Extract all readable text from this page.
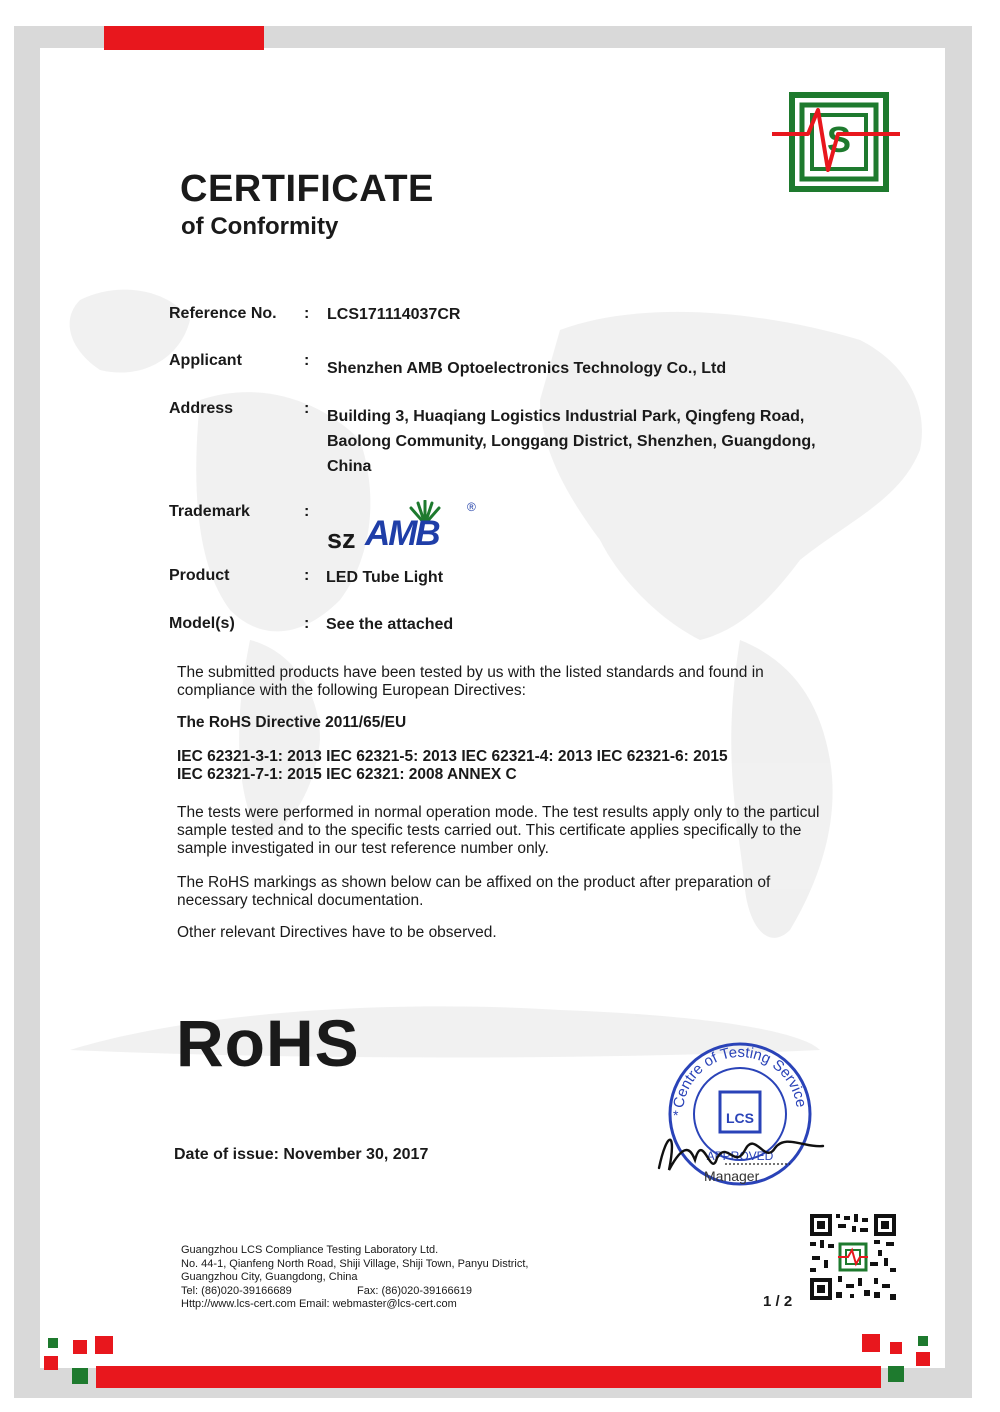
S
CERTIFICATE
of Conformity
Reference No. : LCS171114037CR
Applicant	: Shenzhen AMB Optoelectronics Technology Co., Ltd
Address	: Building 3, Huaqiang Logistics Industrial Park, Qingfeng Road,
Baolong Community, Longgang District, Shenzhen, Guangdong,
China
Trademark	:
sz AMB
®
Product	: LED Tube Light
Model(s)	: See the attached
The submitted products have been tested by us with the listed standards and found in
compliance with the following European Directives:
The RoHS Directive 2011/65/EU
IEC 62321-3-1: 2013 IEC 62321-5: 2013 IEC 62321-4: 2013 IEC 62321-6: 2015
IEC 62321-7-1: 2015 IEC 62321: 2008 ANNEX C
The tests were performed in normal operation mode. The test results apply only to the particul
sample tested and to the specific tests carried out. This certificate applies specifically to the
sample investigated in our test reference number only.
The RoHS markings as shown below can be affixed on the product after preparation of
necessary technical documentation.
Other relevant Directives have to be observed.
RoHS
Centre of Testing Service
LCS
APPROVED
*
Manager
Date of issue: November 30, 2017
Guangzhou LCS Compliance Testing Laboratory Ltd.
No. 44-1, Qianfeng North Road, Shiji Village, Shiji Town, Panyu District,
Guangzhou City, Guangdong, China
Tel: (86)020-39166689	Fax: (86)020-39166619
Http://www.lcs-cert.com Email: webmaster@lcs-cert.com	1 / 2
